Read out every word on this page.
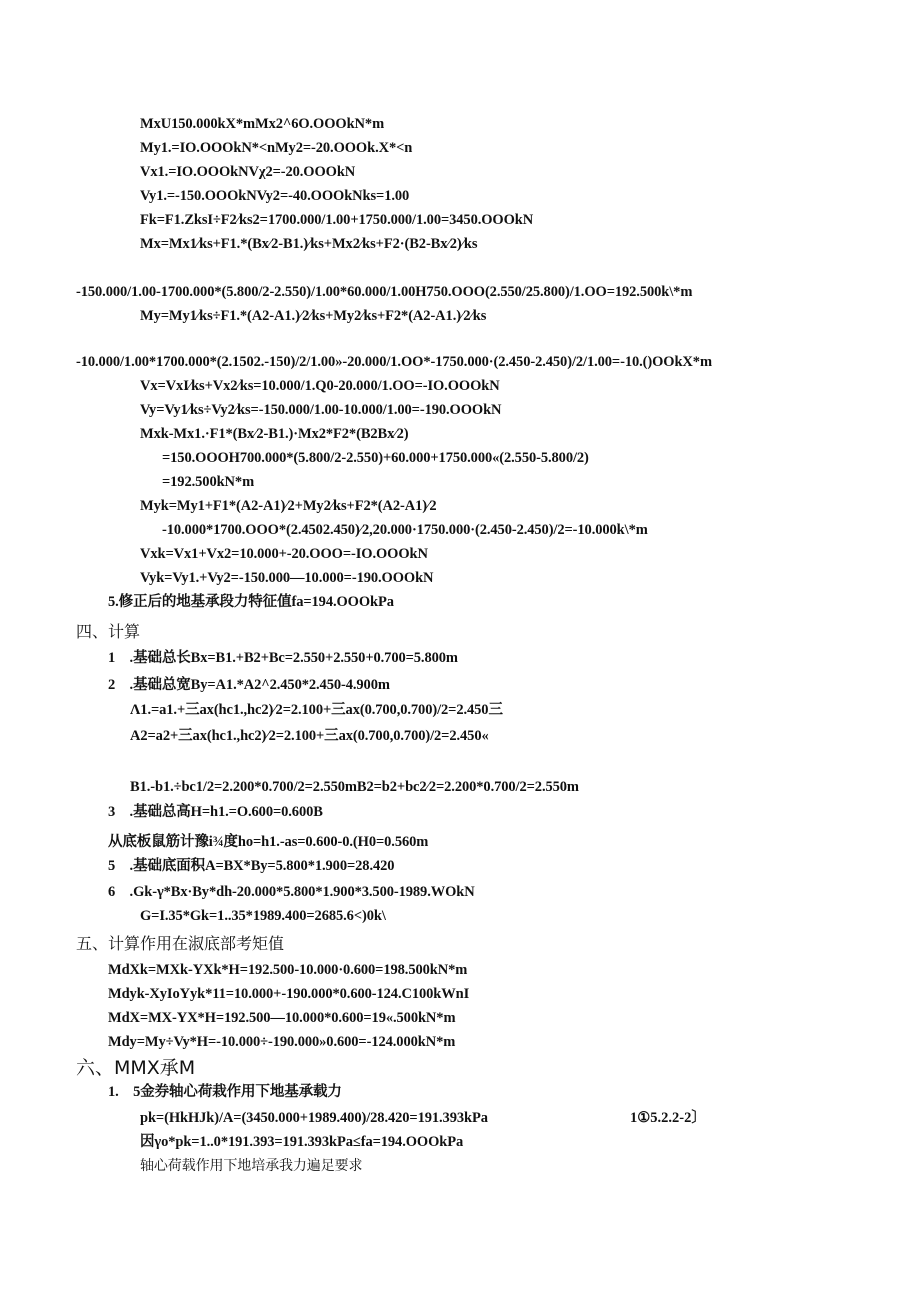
MxU150.000kX*mMx2^6O.OOOkN*m
My1.=IO.OOOkN*<nMy2=-20.OOOk.X*<n
Vx1.=IO.OOOkNVχ2=-20.OOOkN
Vy1.=-150.OOOkNVy2=-40.OOOkNks=1.00
Fk=F1.ZksI÷F2⁄ks2=1700.000/1.00+1750.000/1.00=3450.OOOkN
Mx=Mx1⁄ks+F1.*(Bx⁄2-B1.)⁄ks+Mx2⁄ks+F2·(B2-Bx⁄2)⁄ks
-150.000/1.00-1700.000*(5.800/2-2.550)/1.00*60.000/1.00H750.OOO(2.550/25.800)/1.OO=192.500k\*m
My=My1⁄ks÷F1.*(A2-A1.)⁄2⁄ks+My2⁄ks+F2*(A2-A1.)⁄2⁄ks
-10.000/1.00*1700.000*(2.1502.-150)/2/1.00»-20.000/1.OO*-1750.000·(2.450-2.450)/2/1.00=-10.()OOkX*m
Vx=VxI⁄ks+Vx2⁄ks=10.000/1.Q0-20.000/1.OO=-IO.OOOkN
Vy=Vy1⁄ks÷Vy2⁄ks=-150.000/1.00-10.000/1.00=-190.OOOkN
Mxk-Mx1.·F1*(Bx⁄2-B1.)·Mx2*F2*(B2Bx⁄2)
=150.OOOH700.000*(5.800/2-2.550)+60.000+1750.000«(2.550-5.800/2)
=192.500kN*m
Myk=My1+F1*(A2-A1)⁄2+My2⁄ks+F2*(A2-A1)⁄2
-10.000*1700.OOO*(2.4502.450)⁄2,20.000·1750.000·(2.450-2.450)/2=-10.000k\*m
Vxk=Vx1+Vx2=10.000+-20.OOO=-IO.OOOkN
Vyk=Vy1.+Vy2=-150.000—10.000=-190.OOOkN
5.修正后的地基承段力特征值fa=194.OOOkPa
四、计算
1　.基础总长Bx=B1.+B2+Bc=2.550+2.550+0.700=5.800m
2　.基础总宽By=A1.*A2^2.450*2.450-4.900m
Λ1.=a1.+三ax(hc1.,hc2)⁄2=2.100+三ax(0.700,0.700)/2=2.450三
A2=a2+三ax(hc1.,hc2)⁄2=2.100+三ax(0.700,0.700)/2=2.450«
B1.-b1.÷bc1/2=2.200*0.700/2=2.550mB2=b2+bc2⁄2=2.200*0.700/2=2.550m
3　.基础总高H=h1.=O.600=0.600B
从底板鼠筋计豫i¾度ho=h1.-as=0.600-0.(H0=0.560m
5　.基础底面积A=BX*By=5.800*1.900=28.420
6　.Gk-γ*Bx·By*dh-20.000*5.800*1.900*3.500-1989.WOkN
G=I.35*Gk=1..35*1989.400=2685.6<)0k\
五、计算作用在淑底部考矩值
MdXk=MXk-YXk*H=192.500-10.000·0.600=198.500kN*m
Mdyk-XyIoYyk*11=10.000+-190.000*0.600-124.C100kWnI
MdX=MX-YX*H=192.500—10.000*0.600=19«.500kN*m
Mdy=My÷Vy*H=-10.000÷-190.000»0.600=-124.000kN*m
六、MMX承M
1.　5金券轴心荷栽作用下地基承载力
pk=(HkHJk)/A=(3450.000+1989.400)/28.420=191.393kPa	1①5.2.2-2〕
因γo*pk=1..0*191.393=191.393kPa≤fa=194.OOOkPa
轴心荷载作用下地培承我力遍足要求
